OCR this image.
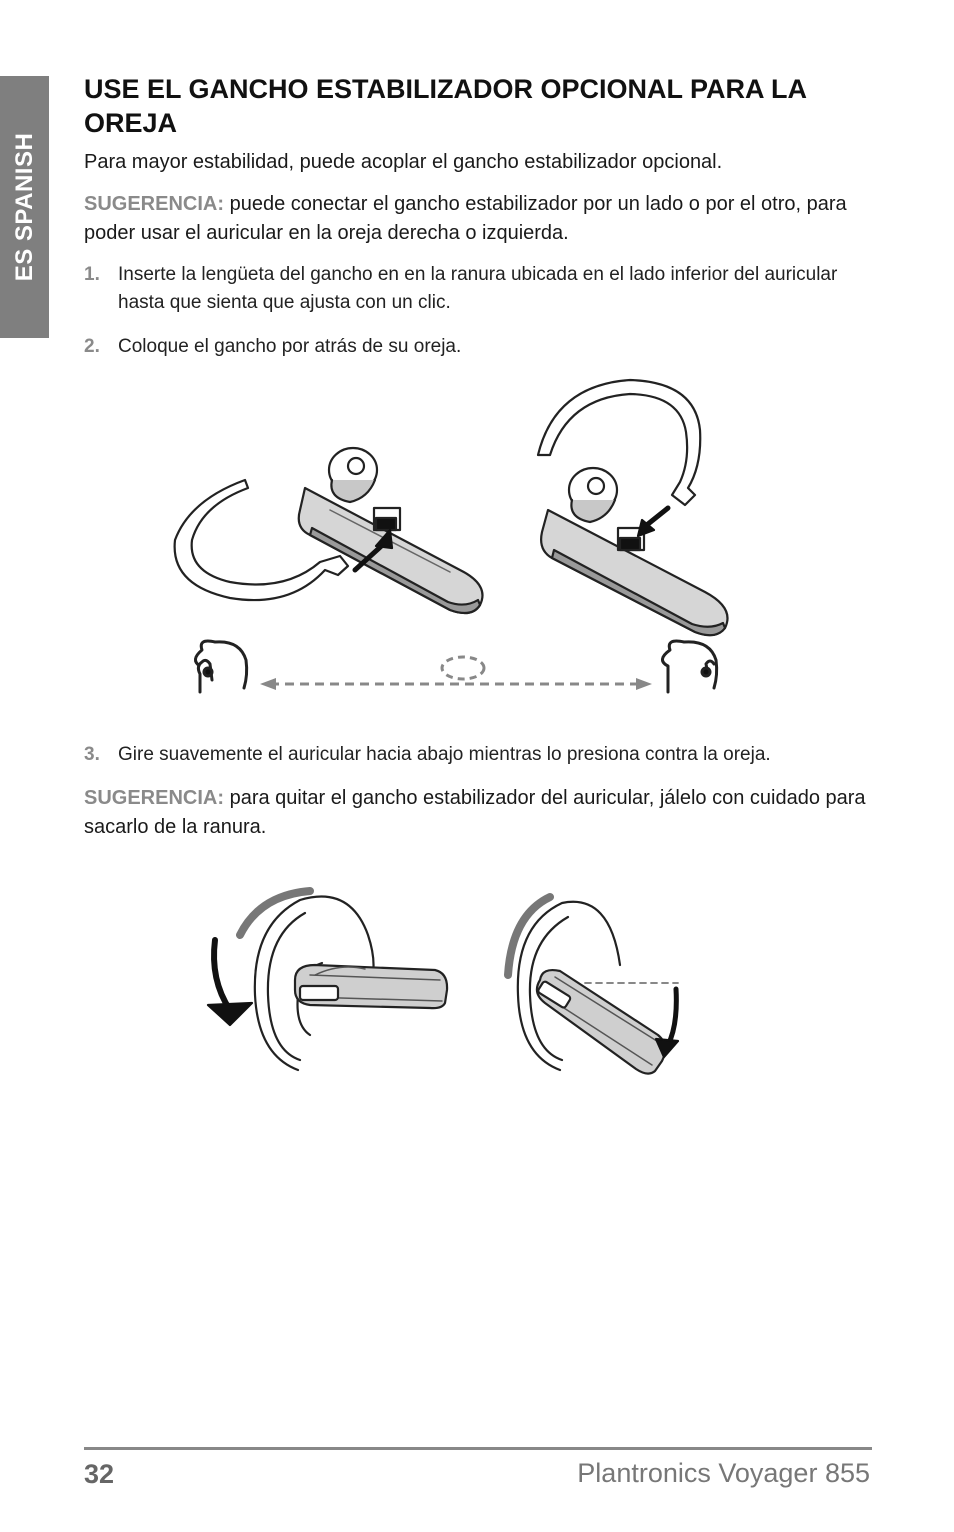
ES SPANISH
USE EL GANCHO ESTABILIZADOR OPCIONAL PARA LA OREJA

Para mayor estabilidad, puede acoplar el gancho estabilizador opcional.

SUGERENCIA: puede conectar el gancho estabilizador por un lado o por el otro, para poder usar el auricular en la oreja derecha o izquierda.

1. Inserte la lengüeta del gancho en en la ranura ubicada en el lado inferior del auricular hasta que sienta que ajusta con un clic.
2. Coloque el gancho por atrás de su oreja.
3. Gire suavemente el auricular hacia abajo mientras lo presiona contra la oreja.

SUGERENCIA: para quitar el gancho estabilizador del auricular, jálelo con cuidado para sacarlo de la ranura.

32	Plantronics Voyager 855
